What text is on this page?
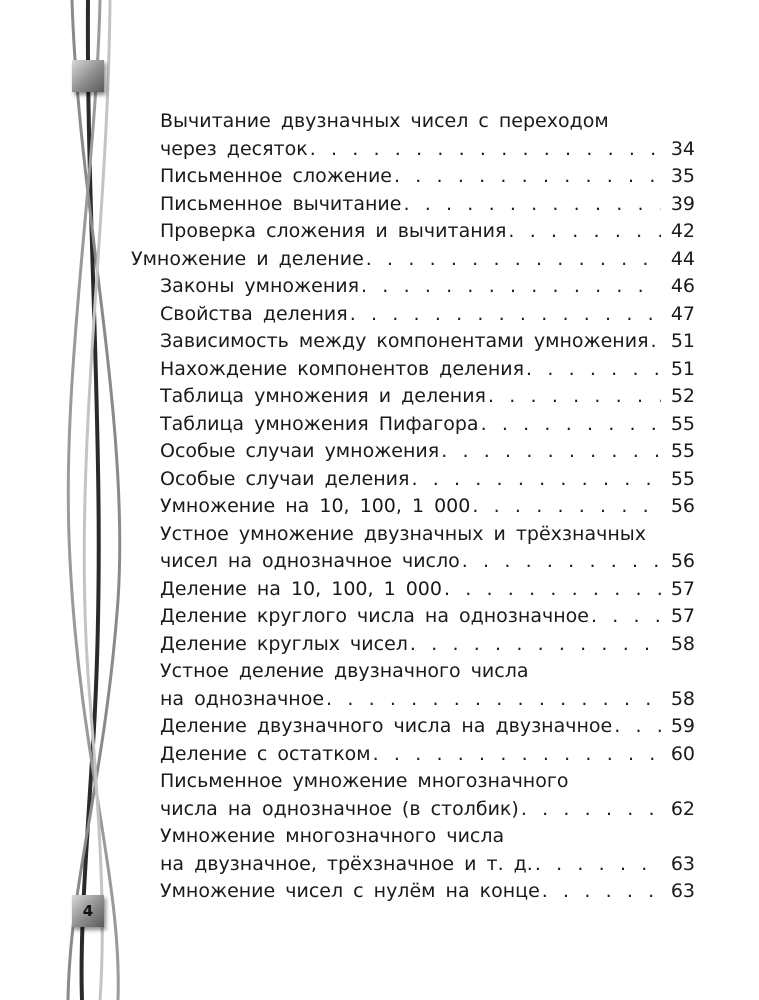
4
Вычитание двузначных чисел с переходом
через десяток . . .	34
Письменное сложение . . .	35
Письменное вычитание . . .	39
Проверка сложения и вычитания . . .	42
Умножение и деление . . .	44
Законы умножения . . .	46
Свойства деления . . .	47
Зависимость между компонентами умножения . . .	51
Нахождение компонентов деления . . .	51
Таблица умножения и деления . . .	52
Таблица умножения Пифагора . . .	55
Особые случаи умножения . . .	55
Особые случаи деления . . .	55
Умножение на 10, 100, 1 000 . . .	56
Устное умножение двузначных и трёхзначных
чисел на однозначное число . . .	56
Деление на 10, 100, 1 000 . . .	57
Деление круглого числа на однозначное . . .	57
Деление круглых чисел . . .	58
Устное деление двузначного числа
на однозначное . . .	58
Деление двузначного числа на двузначное . . .	59
Деление с остатком . . .	60
Письменное умножение многозначного
числа на однозначное (в столбик) . . .	62
Умножение многозначного числа
на двузначное, трёхзначное и т. д. . . .	63
Умножение чисел с нулём на конце . . .	63
